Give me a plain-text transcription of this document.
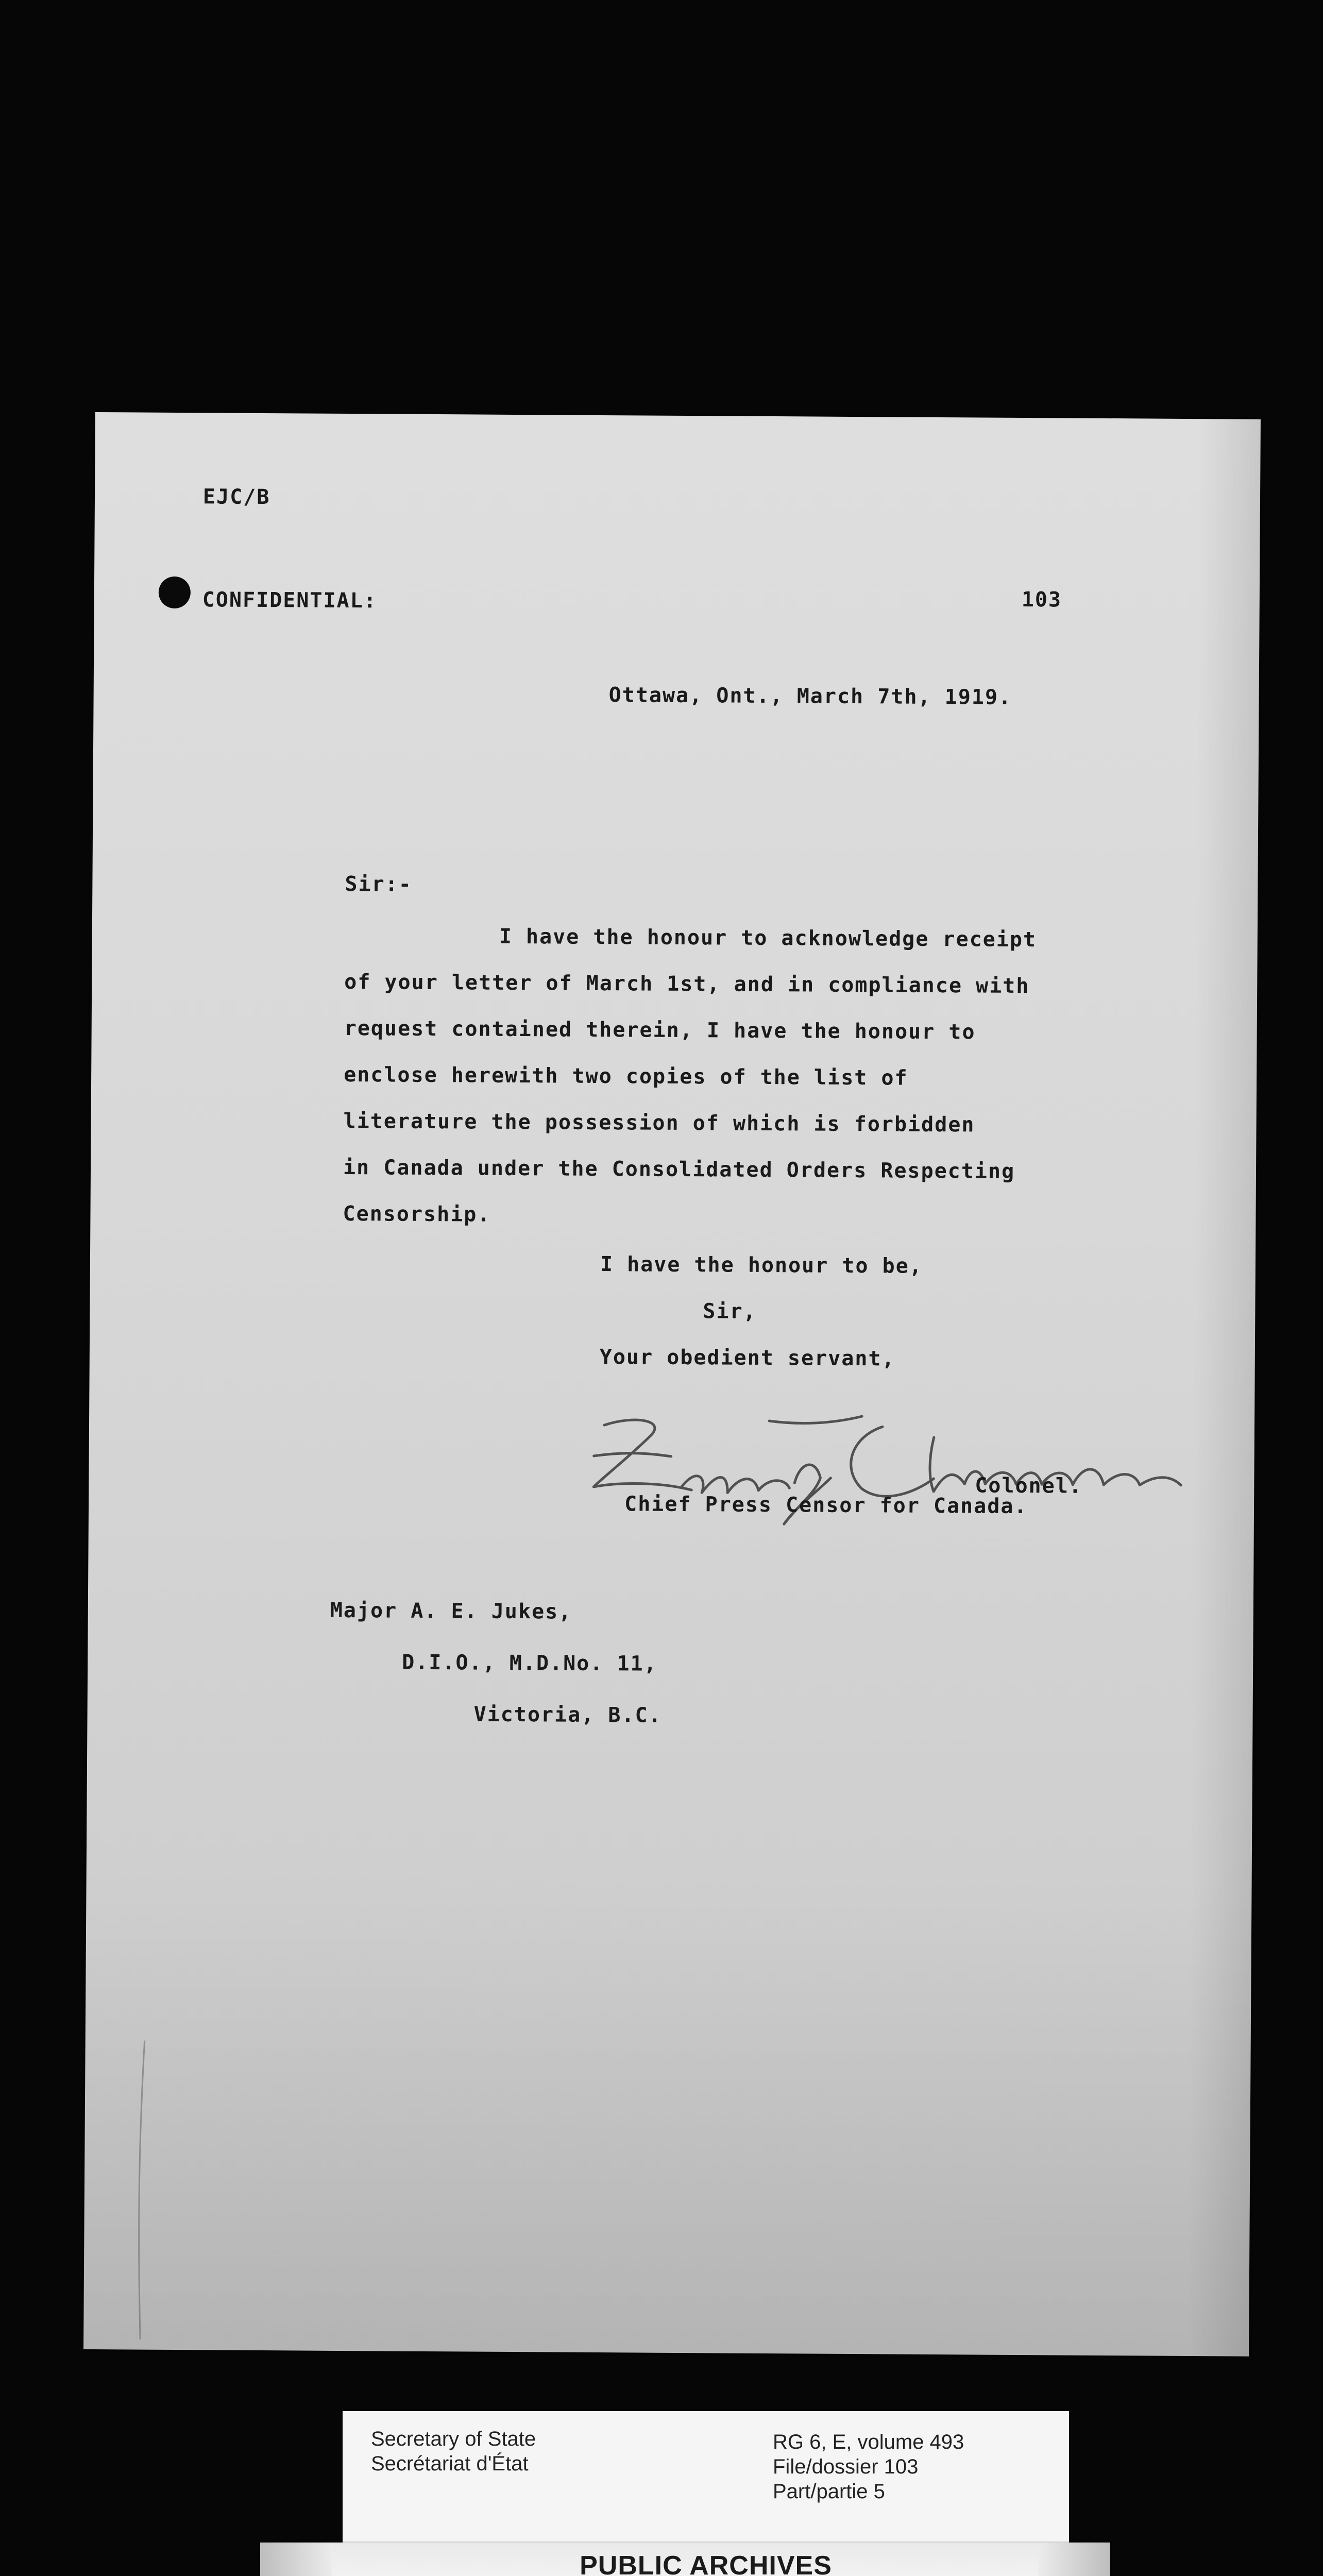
EJC/B
CONFIDENTIAL:	103
Ottawa, Ont., March 7th, 1919.
Sir:-
I have the honour to acknowledge receipt
of your letter of March 1st, and in compliance with
request contained therein, I have the honour to
enclose herewith two copies of the list of
literature the possession of which is forbidden
in Canada under the Consolidated Orders Respecting
Censorship.
I have the honour to be,
Sir,
Your obedient servant,
Colonel.
Chief Press Censor for Canada.
Major A. E. Jukes,
D.I.O., M.D.No. 11,
Victoria, B.C.
Secretary of State
Secrétariat d'État
RG 6, E, volume 493
File/dossier 103
Part/partie 5
PUBLIC ARCHIVES
